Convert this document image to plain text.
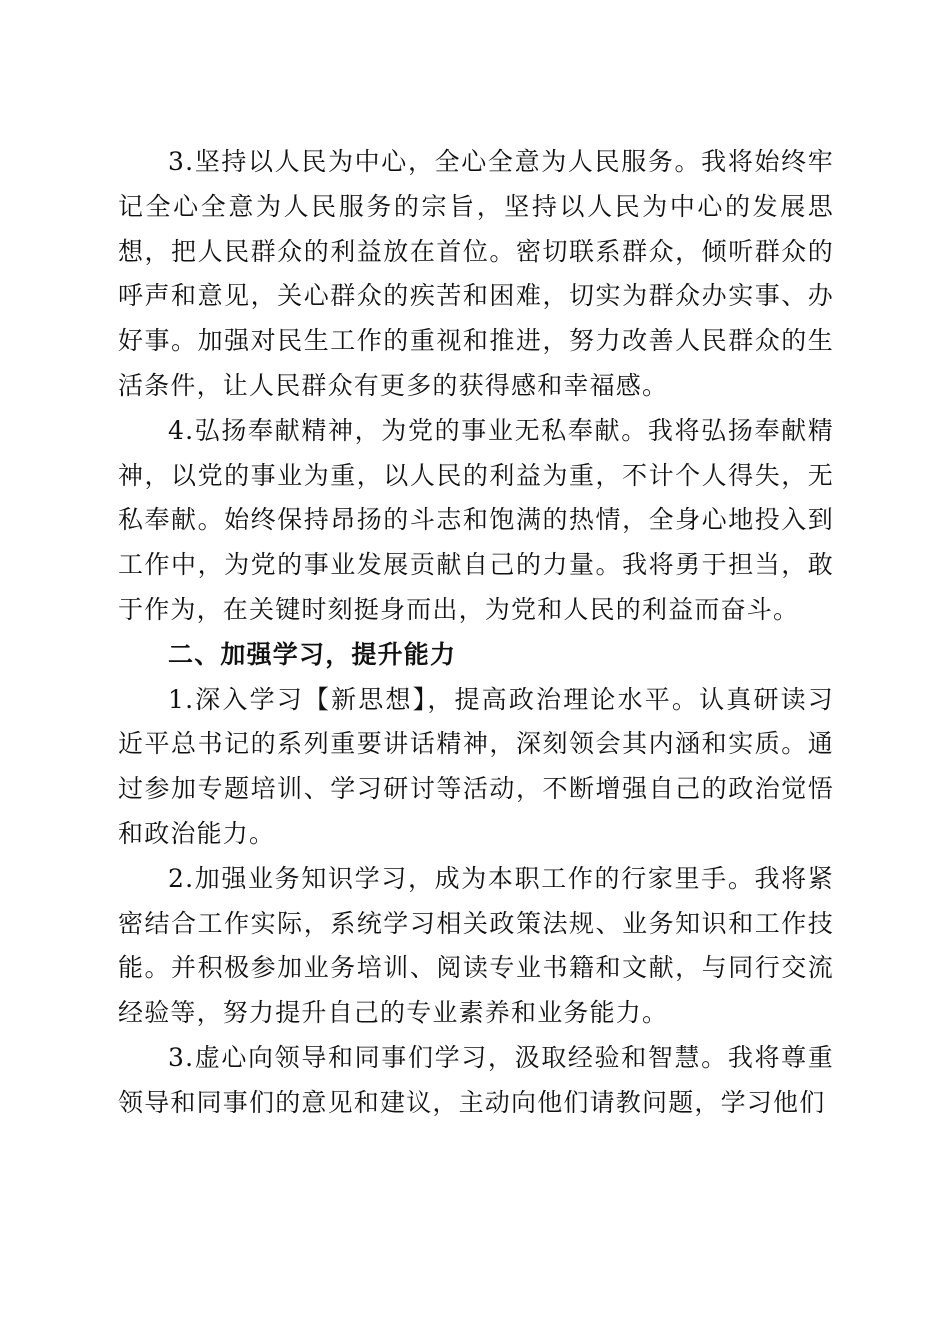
3.坚持以人民为中心，全心全意为人民服务。我将始终牢记全心全意为人民服务的宗旨，坚持以人民为中心的发展思想，把人民群众的利益放在首位。密切联系群众，倾听群众的呼声和意见，关心群众的疾苦和困难，切实为群众办实事、办好事。加强对民生工作的重视和推进，努力改善人民群众的生活条件，让人民群众有更多的获得感和幸福感。

4.弘扬奉献精神，为党的事业无私奉献。我将弘扬奉献精神，以党的事业为重，以人民的利益为重，不计个人得失，无私奉献。始终保持昂扬的斗志和饱满的热情，全身心地投入到工作中，为党的事业发展贡献自己的力量。我将勇于担当，敢于作为，在关键时刻挺身而出，为党和人民的利益而奋斗。

二、加强学习，提升能力

1.深入学习【新思想】，提高政治理论水平。认真研读习近平总书记的系列重要讲话精神，深刻领会其内涵和实质。通过参加专题培训、学习研讨等活动，不断增强自己的政治觉悟和政治能力。

2.加强业务知识学习，成为本职工作的行家里手。我将紧密结合工作实际，系统学习相关政策法规、业务知识和工作技能。并积极参加业务培训、阅读专业书籍和文献，与同行交流经验等，努力提升自己的专业素养和业务能力。

3.虚心向领导和同事们学习，汲取经验和智慧。我将尊重领导和同事们的意见和建议，主动向他们请教问题，学习他们
